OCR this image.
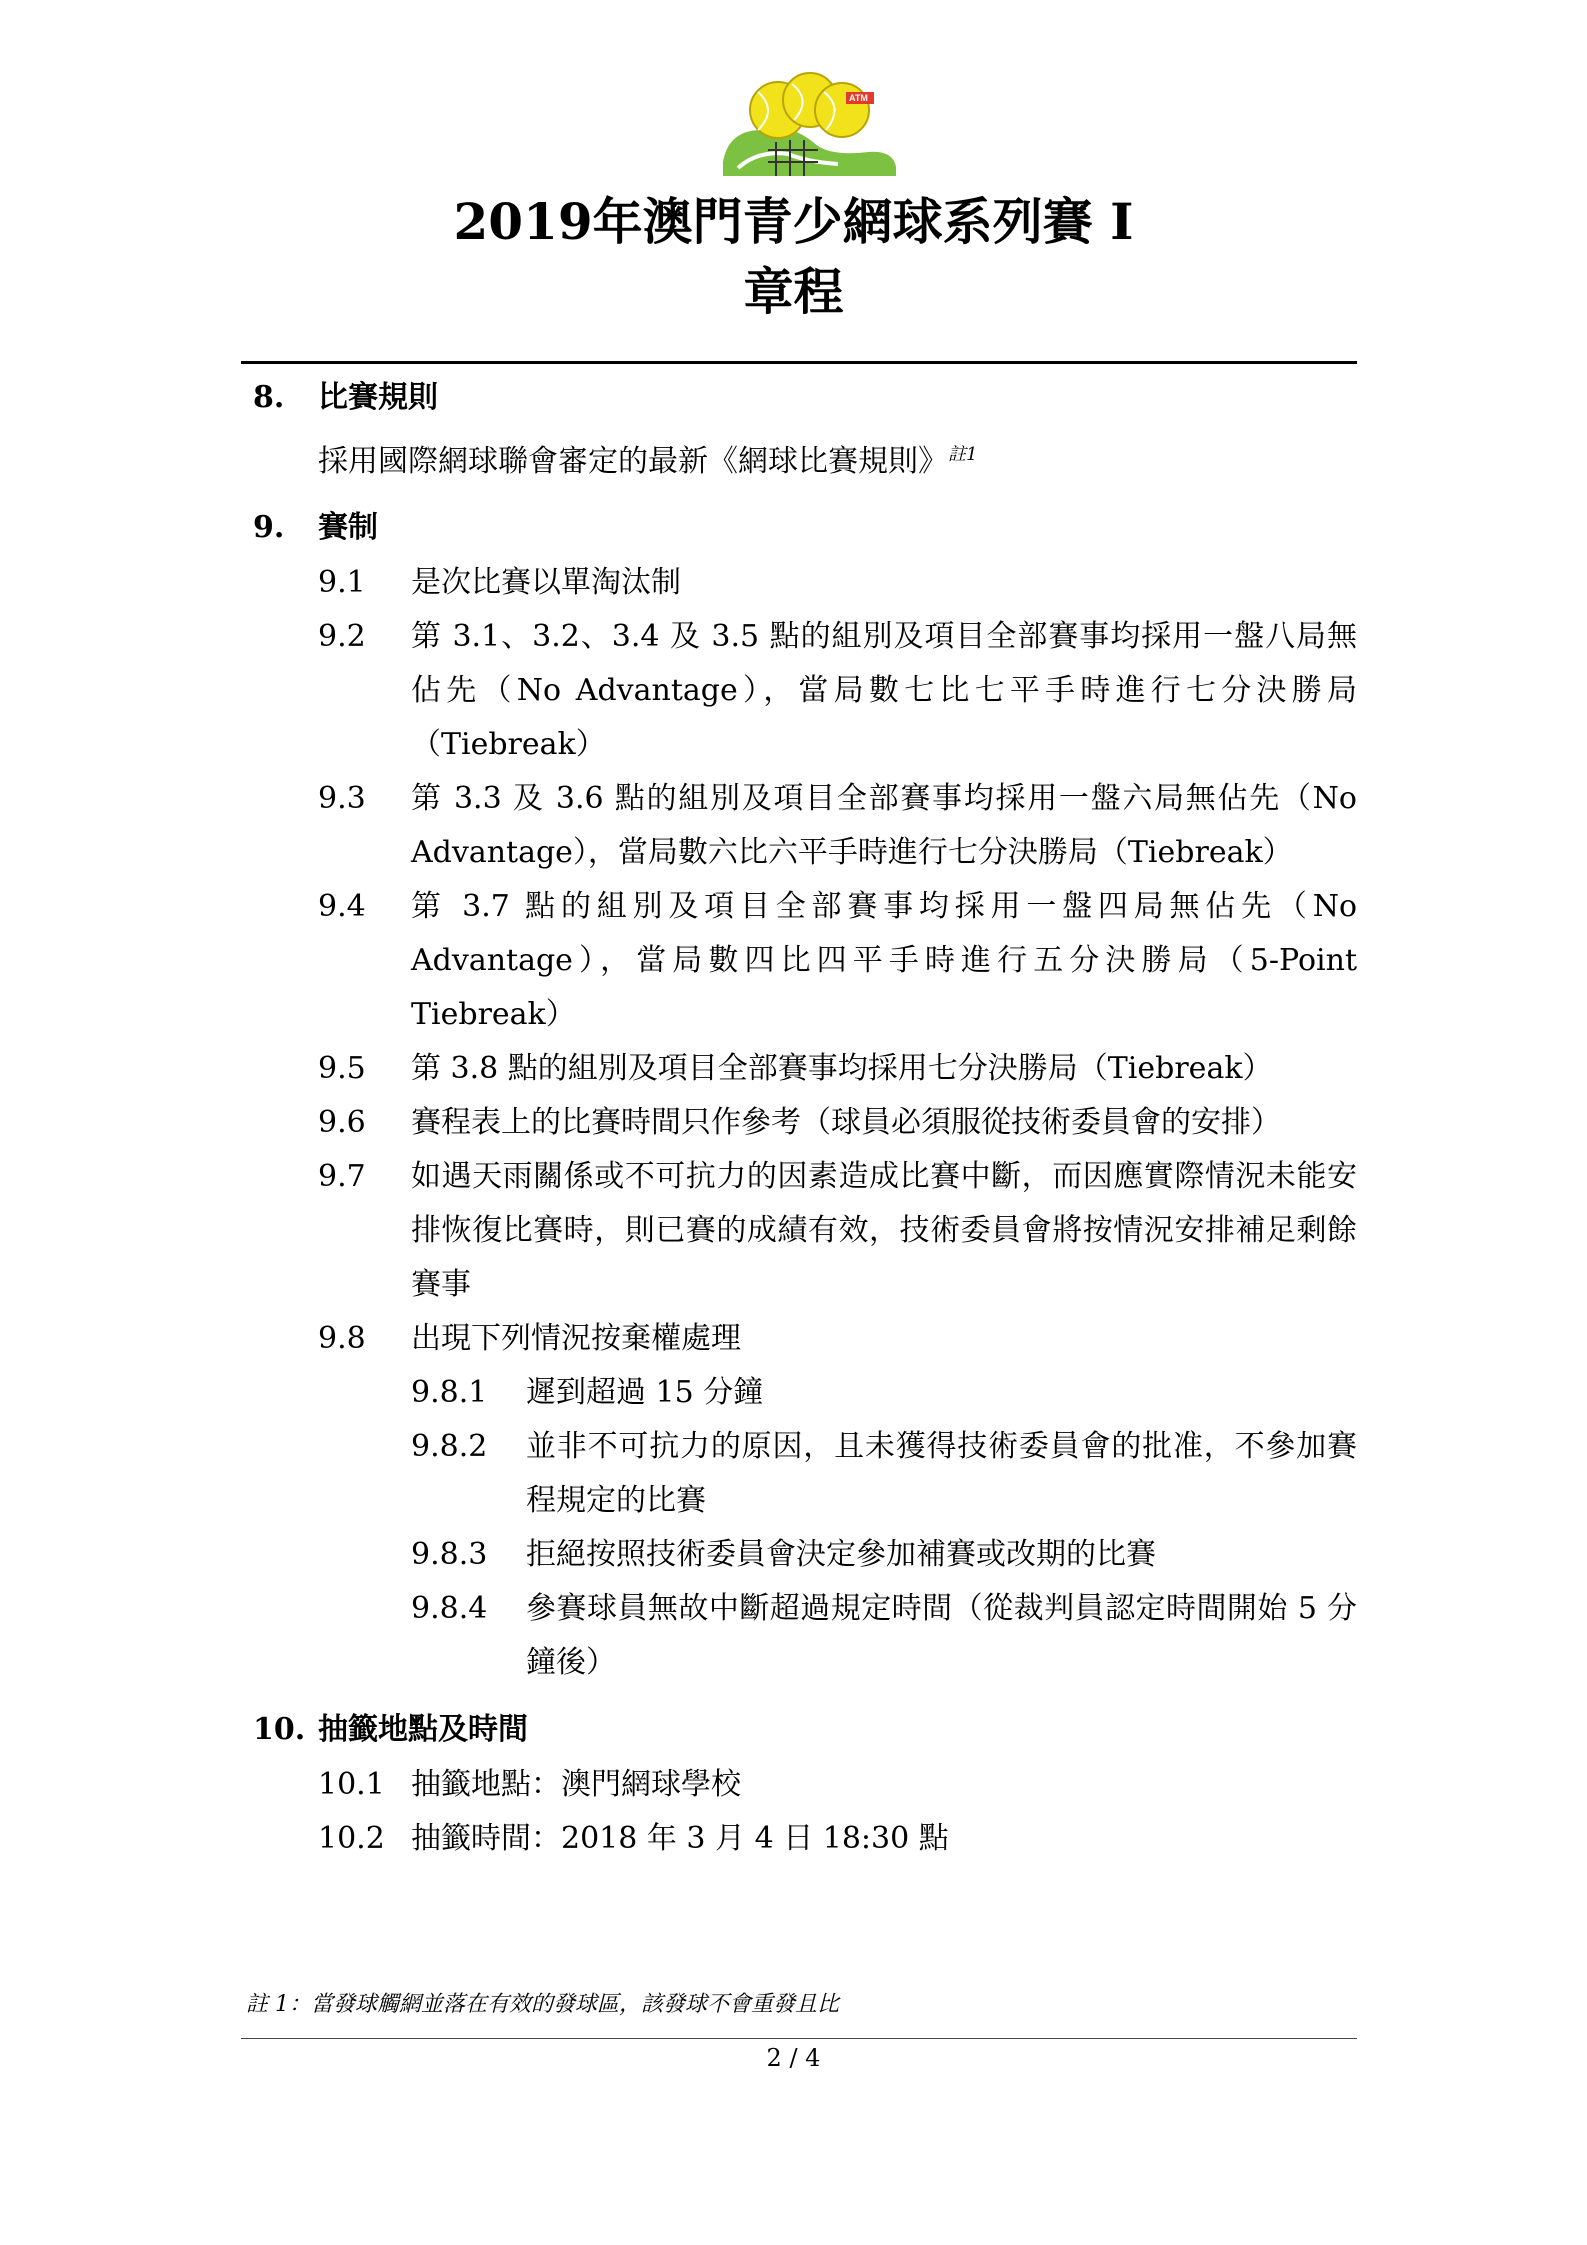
ATM
2019年澳門青少網球系列賽 I
章程
8. 比賽規則
採用國際網球聯會審定的最新《網球比賽規則》$^{註1}$
9. 賽制
9.1 是次比賽以單淘汰制
9.2 第 3.1、3.2、3.4 及 3.5 點的組別及項目全部賽事均採用一盤八局無佔先（No Advantage），當局數七比七平手時進行七分決勝局（Tiebreak）
9.3 第 3.3 及 3.6 點的組別及項目全部賽事均採用一盤六局無佔先（No Advantage），當局數六比六平手時進行七分決勝局（Tiebreak）
9.4 第 3.7 點的組別及項目全部賽事均採用一盤四局無佔先（No Advantage），當局數四比四平手時進行五分決勝局（5-Point Tiebreak）
9.5 第 3.8 點的組別及項目全部賽事均採用七分決勝局（Tiebreak）
9.6 賽程表上的比賽時間只作參考（球員必須服從技術委員會的安排）
9.7 如遇天雨關係或不可抗力的因素造成比賽中斷，而因應實際情況未能安排恢復比賽時，則已賽的成績有效，技術委員會將按情況安排補足剩餘賽事
9.8 出現下列情況按棄權處理
9.8.1 遲到超過 15 分鐘
9.8.2 並非不可抗力的原因，且未獲得技術委員會的批准，不參加賽程規定的比賽
9.8.3 拒絕按照技術委員會決定參加補賽或改期的比賽
9.8.4 參賽球員無故中斷超過規定時間（從裁判員認定時間開始 5 分鐘後）
10. 抽籤地點及時間
10.1 抽籤地點：澳門網球學校
10.2 抽籤時間：2018 年 3 月 4 日 18:30 點
註 1：當發球觸網並落在有效的發球區，該發球不會重發且比
2 / 4
